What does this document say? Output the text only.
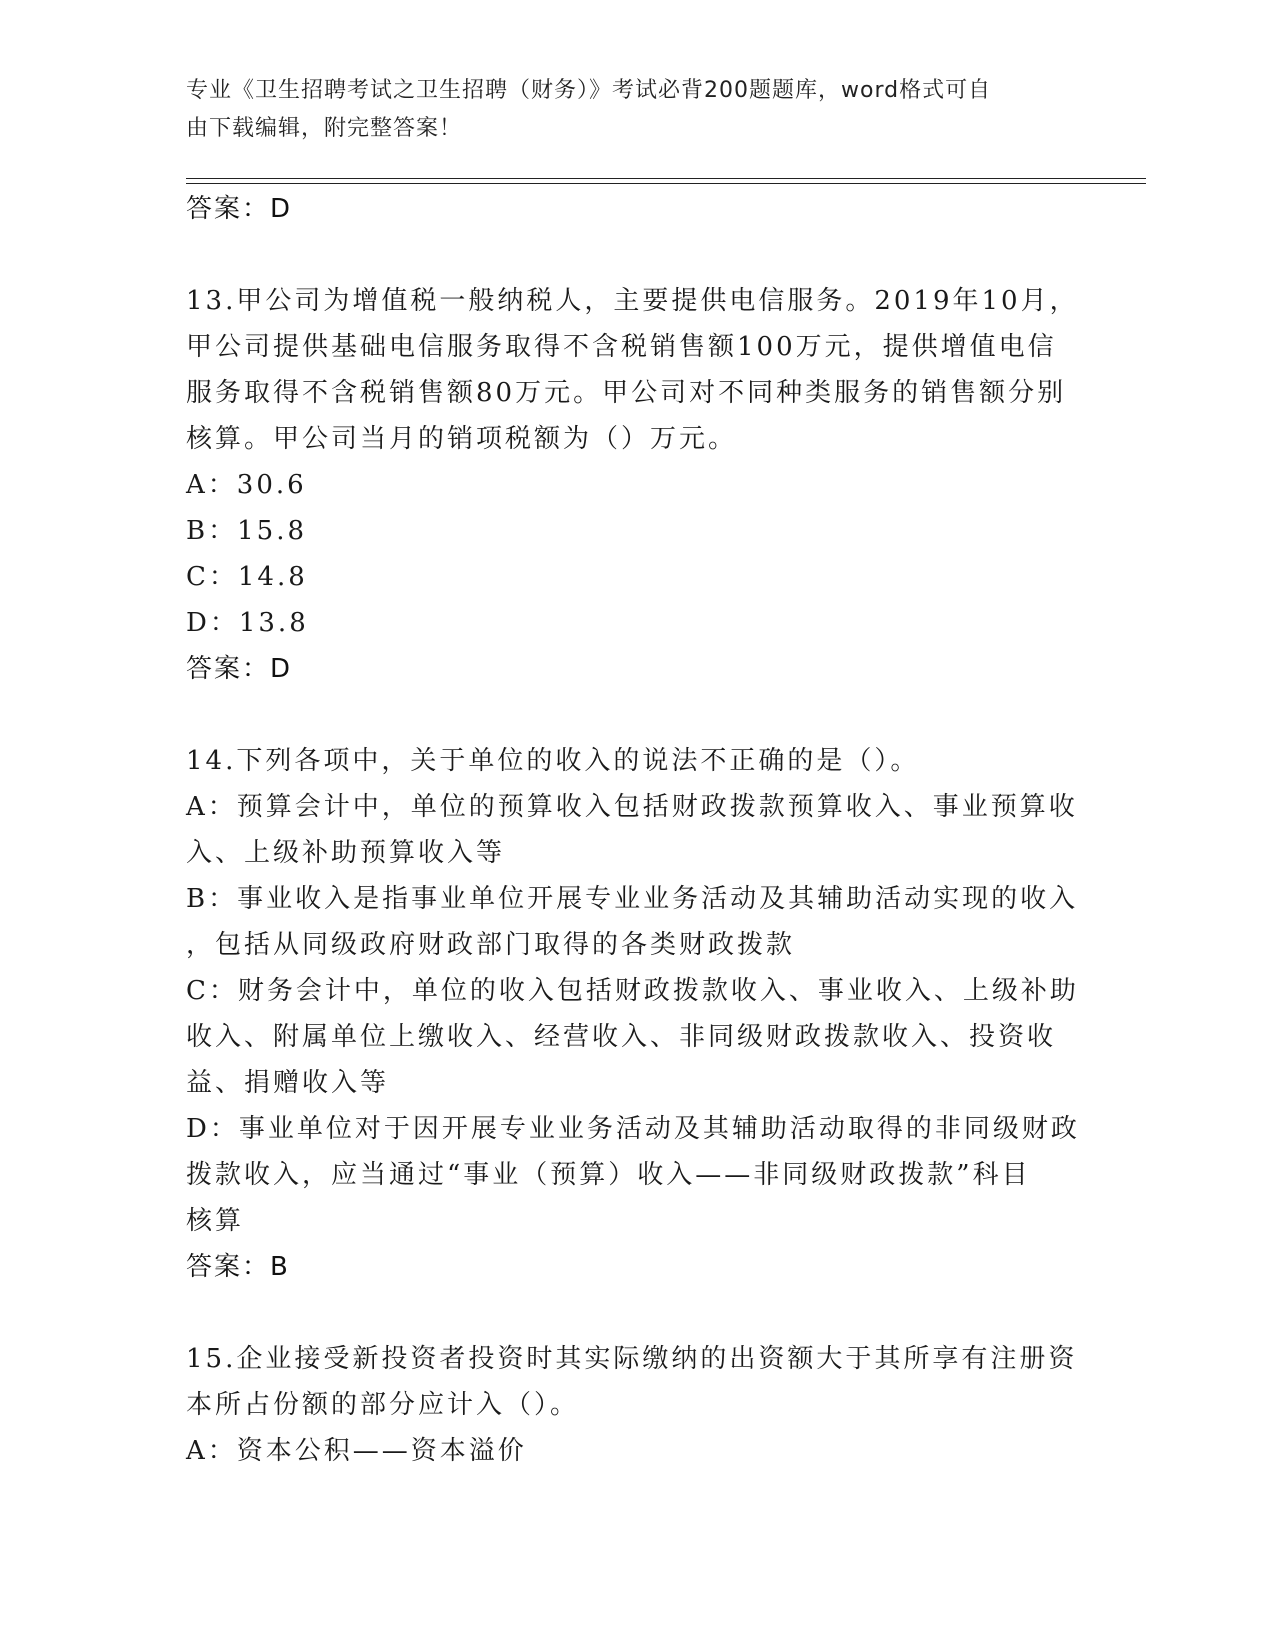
专业《卫生招聘考试之卫生招聘（财务）》考试必背200题题库，word格式可自
由下载编辑，附完整答案！
答案：D
13.甲公司为增值税一般纳税人，主要提供电信服务。2019年10月，
甲公司提供基础电信服务取得不含税销售额100万元，提供增值电信
服务取得不含税销售额80万元。甲公司对不同种类服务的销售额分别
核算。甲公司当月的销项税额为（）万元。
A：30.6
B：15.8
C：14.8
D：13.8
答案：D
14.下列各项中，关于单位的收入的说法不正确的是（）。
A：预算会计中，单位的预算收入包括财政拨款预算收入、事业预算收
入、上级补助预算收入等
B：事业收入是指事业单位开展专业业务活动及其辅助活动实现的收入
，包括从同级政府财政部门取得的各类财政拨款
C：财务会计中，单位的收入包括财政拨款收入、事业收入、上级补助
收入、附属单位上缴收入、经营收入、非同级财政拨款收入、投资收
益、捐赠收入等
D：事业单位对于因开展专业业务活动及其辅助活动取得的非同级财政
拨款收入，应当通过“事业（预算）收入——非同级财政拨款”科目
核算
答案：B
15.企业接受新投资者投资时其实际缴纳的出资额大于其所享有注册资
本所占份额的部分应计入（）。
A：资本公积——资本溢价
